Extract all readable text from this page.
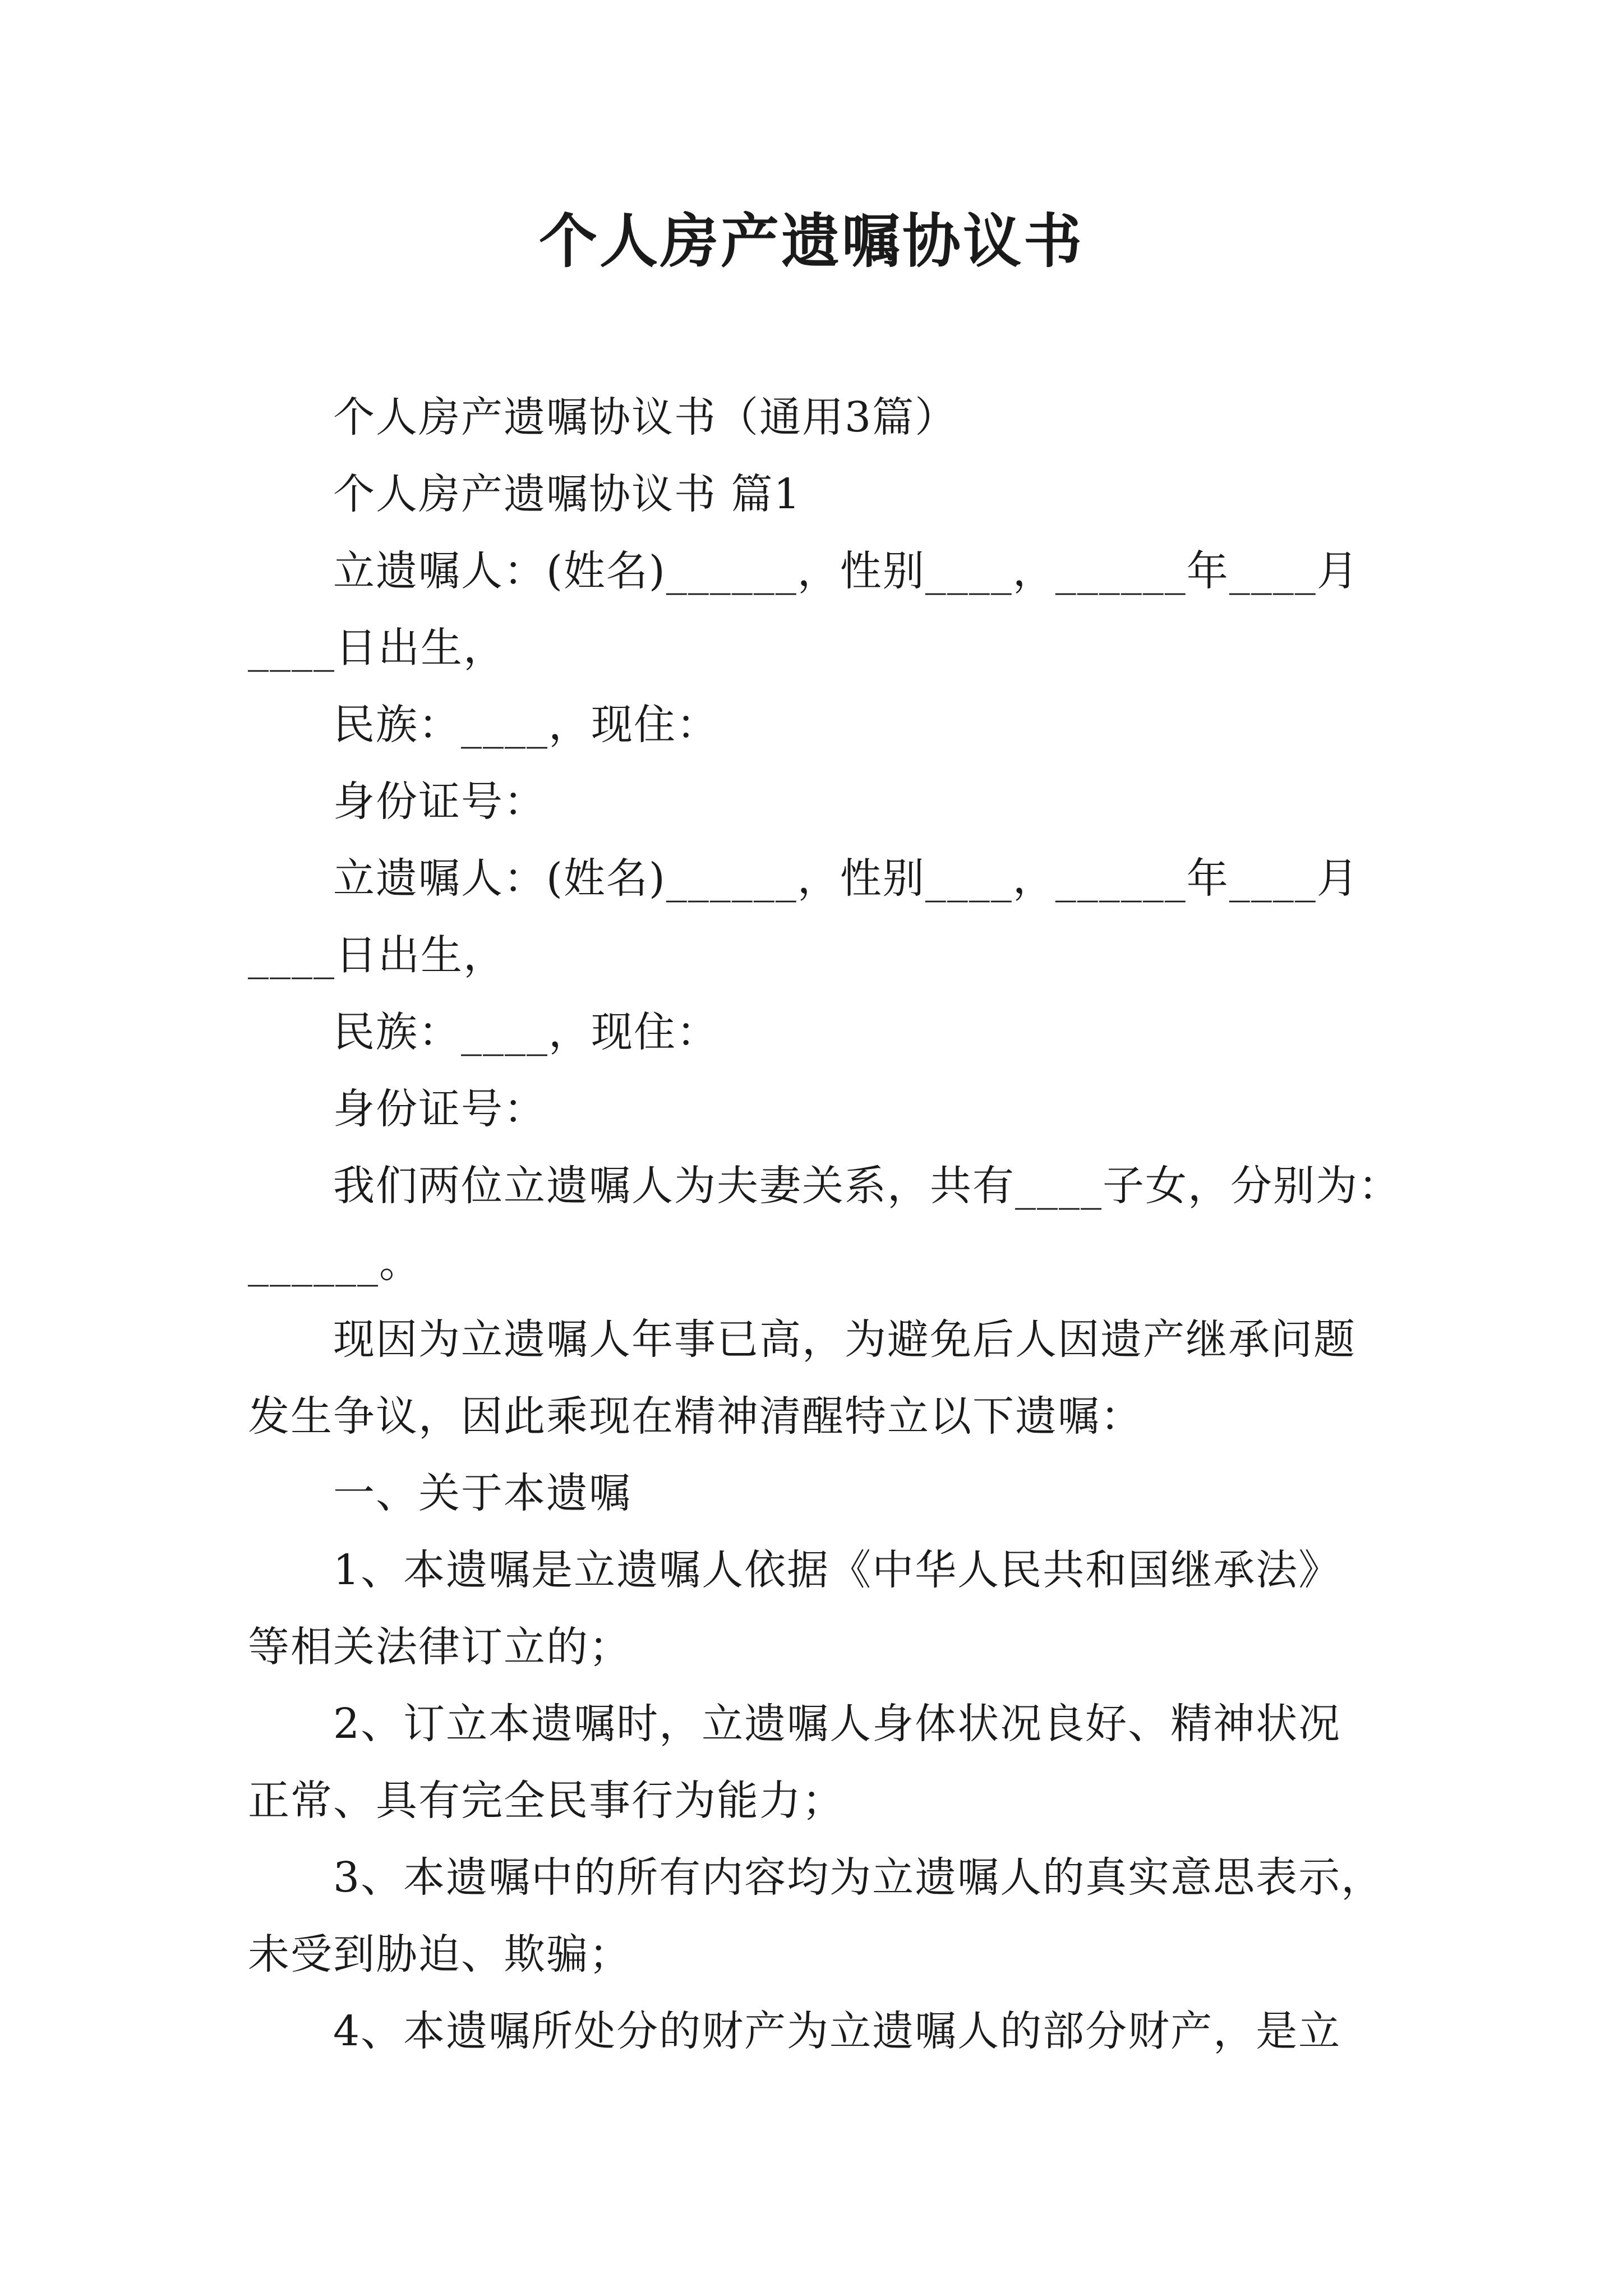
个人房产遗嘱协议书
个人房产遗嘱协议书（通用3篇）
个人房产遗嘱协议书 篇1
立遗嘱人：(姓名)______，性别____，______年____月
____日出生，
民族：____，现住：
身份证号：
立遗嘱人：(姓名)______，性别____，______年____月
____日出生，
民族：____，现住：
身份证号：
我们两位立遗嘱人为夫妻关系，共有____子女，分别为：
______。
现因为立遗嘱人年事已高，为避免后人因遗产继承问题
发生争议，因此乘现在精神清醒特立以下遗嘱：
一、关于本遗嘱
1、本遗嘱是立遗嘱人依据《中华人民共和国继承法》
等相关法律订立的；
2、订立本遗嘱时，立遗嘱人身体状况良好、精神状况
正常、具有完全民事行为能力；
3、本遗嘱中的所有内容均为立遗嘱人的真实意思表示，
未受到胁迫、欺骗；
4、本遗嘱所处分的财产为立遗嘱人的部分财产，是立
